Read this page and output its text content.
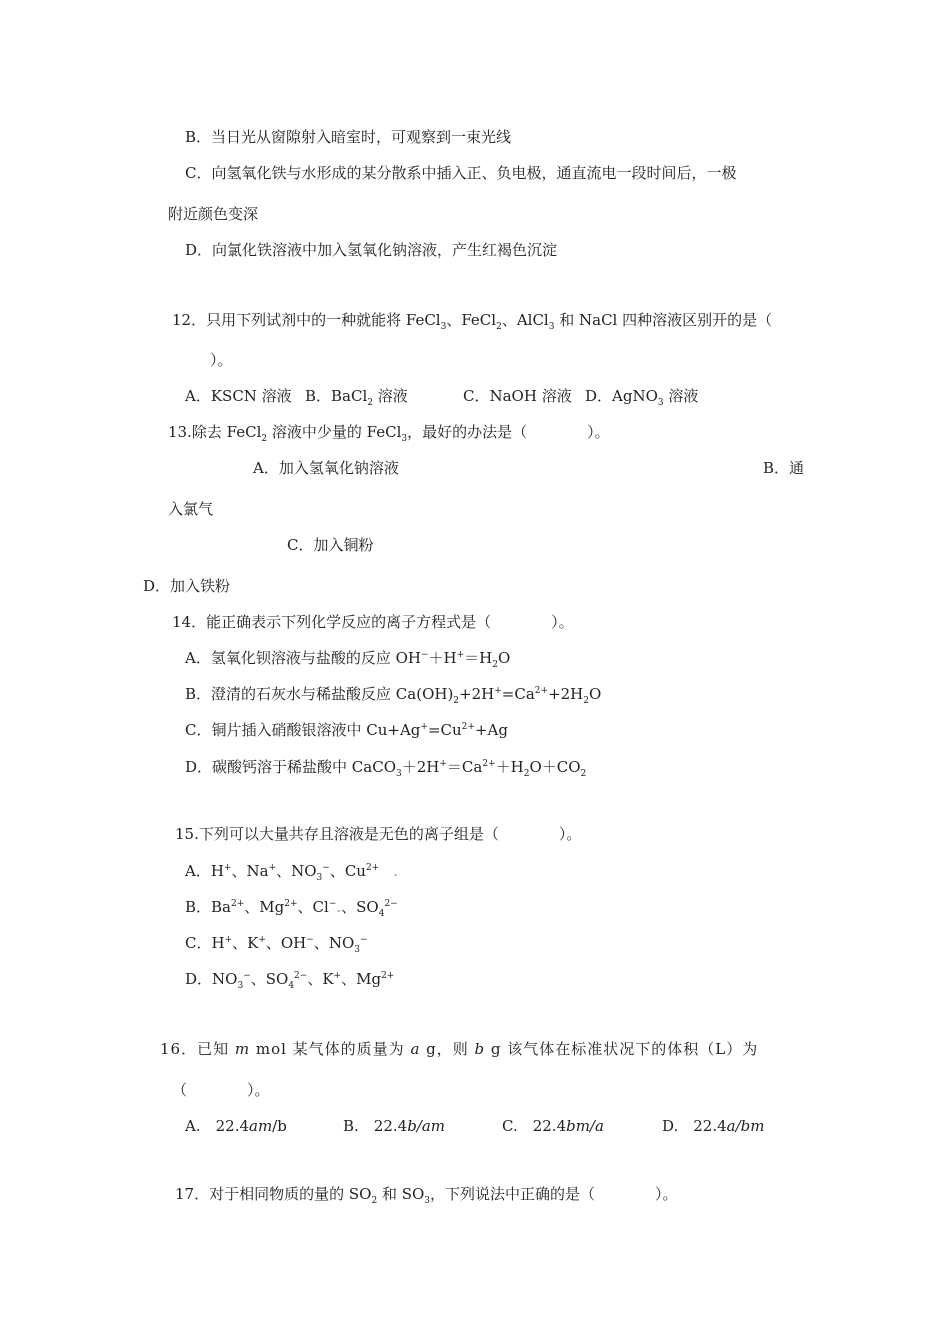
B．当日光从窗隙射入暗室时，可观察到一束光线
C．向氢氧化铁与水形成的某分散系中插入正、负电极，通直流电一段时间后，一极
附近颜色变深
D．向氯化铁溶液中加入氢氧化钠溶液，产生红褐色沉淀
12．只用下列试剂中的一种就能将 FeCl$_3$、FeCl$_2$、AlCl$_3$ 和 NaCl 四种溶液区别开的是（
）。
A．KSCN 溶液 B．BaCl$_2$ 溶液	C．NaOH 溶液 D．AgNO$_3$ 溶液
13.除去 FeCl$_2$ 溶液中少量的 FeCl$_3$，最好的办法是（　　　　）。
A．加入氢氧化钠溶液	B．通
入氯气
C．加入铜粉
D．加入铁粉
14．能正确表示下列化学反应的离子方程式是（　　　　）。
A．氢氧化钡溶液与盐酸的反应 $OH^-+H^+=H_2O$
B．澄清的石灰水与稀盐酸反应 $Ca(OH)_2+2H^+=Ca^{2+}+2H_2O$
C．铜片插入硝酸银溶液中 $Cu+Ag^+=Cu^{2+}+Ag$
D．碳酸钙溶于稀盐酸中 $CaCO_3+2H^+=Ca^{2+}+H_2O+CO_2$
15.下列可以大量共存且溶液是无色的离子组是（　　　　）。
A．H+、Na+、$NO_3^-$、$Cu^{2+}$ .
B．$Ba^{2+}$、$Mg^{2+}$、Cl−.、$SO_4^{2-}$
C．H+、K+、OH−、$NO_3^-$
D．$NO_3^-$、$SO_4^{2-}$、K+、$Mg^{2+}$
16．已知 m mol 某气体的质量为 a g，则 b g 该气体在标准状况下的体积（L）为
（　　　　）。
A.　22.4am/b	B.　22.4b/am	C.　22.4bm/a	D.　22.4a/bm
17．对于相同物质的量的 $SO_2$ 和 $SO_3$，下列说法中正确的是（　　　　）。
